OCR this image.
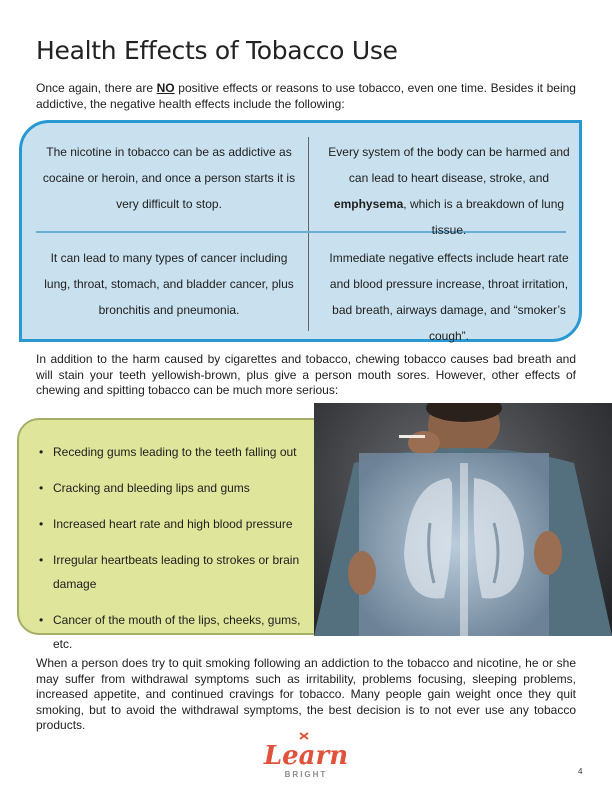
Health Effects of Tobacco Use

Once again, there are NO positive effects or reasons to use tobacco, even one time. Besides it being addictive, the negative health effects include the following:

The nicotine in tobacco can be as addictive as cocaine or heroin, and once a person starts it is very difficult to stop.
Every system of the body can be harmed and can lead to heart disease, stroke, and emphysema, which is a breakdown of lung tissue.
It can lead to many types of cancer including lung, throat, stomach, and bladder cancer, plus bronchitis and pneumonia.
Immediate negative effects include heart rate and blood pressure increase, throat irritation, bad breath, airways damage, and “smoker’s cough”.

In addition to the harm caused by cigarettes and tobacco, chewing tobacco causes bad breath and will stain your teeth yellowish-brown, plus give a person mouth sores. However, other effects of chewing and spitting tobacco can be much more serious:

• Receding gums leading to the teeth falling out
• Cracking and bleeding lips and gums
• Increased heart rate and high blood pressure
• Irregular heartbeats leading to strokes or brain damage
• Cancer of the mouth of the lips, cheeks, gums, etc.

When a person does try to quit smoking following an addiction to the tobacco and nicotine, he or she may suffer from withdrawal symptoms such as irritability, problems focusing, sleeping problems, increased appetite, and continued cravings for tobacco. Many people gain weight once they quit smoking, but to avoid the withdrawal symptoms, the best decision is to not ever use any tobacco products.

Learn
BRIGHT	4
